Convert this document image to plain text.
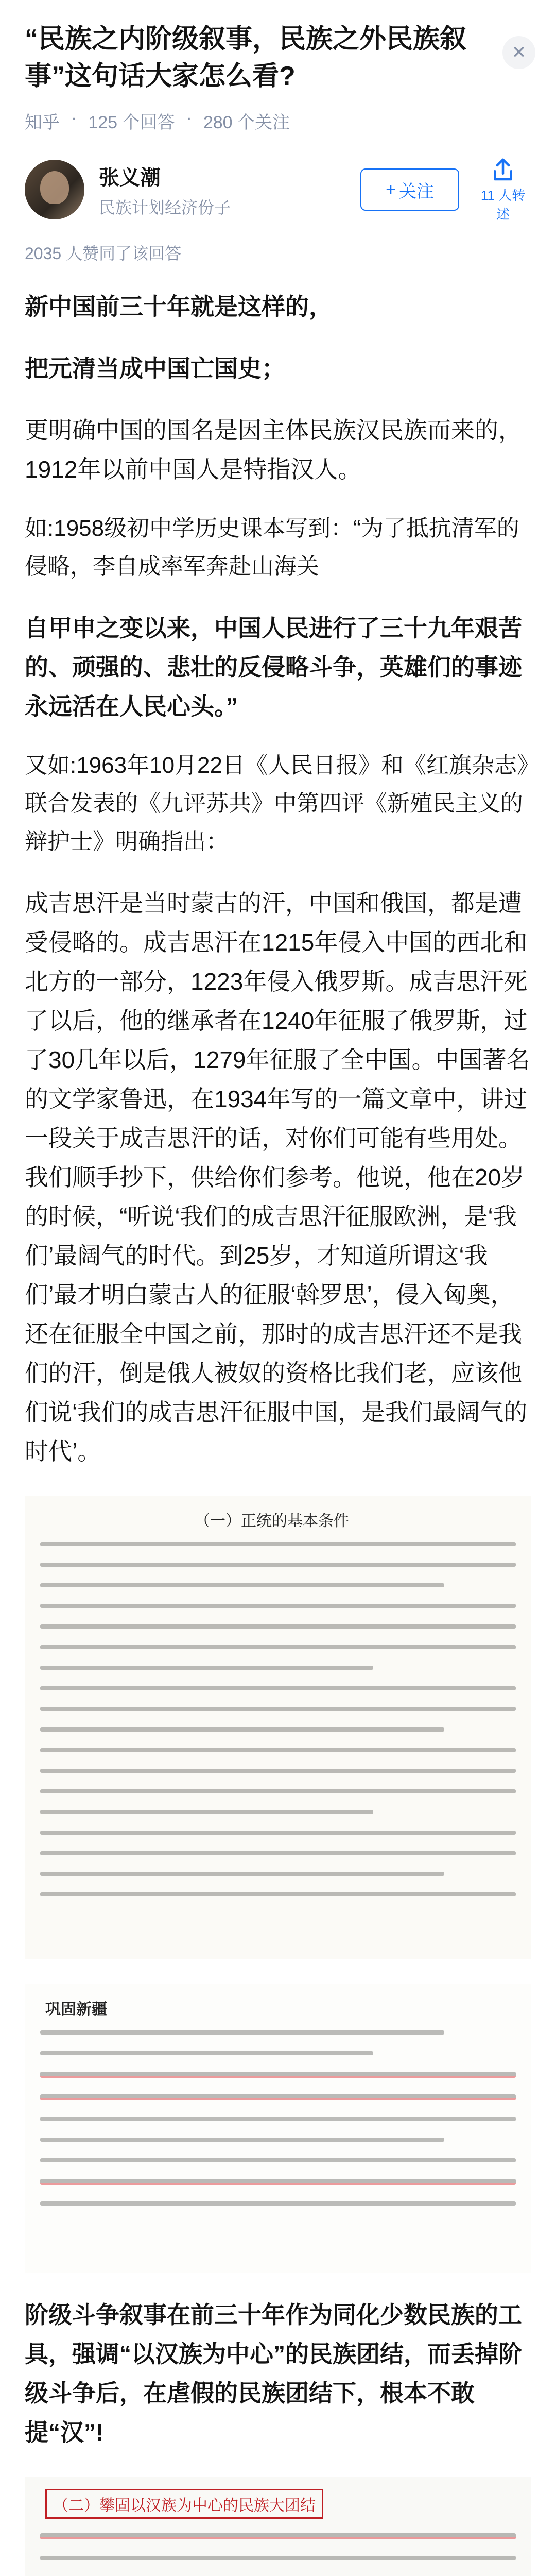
“民族之内阶级叙事，民族之外民族叙事”这句话大家怎么看?
✕
知乎 · 125 个回答 · 280 个关注
张义潮
民族计划经济份子
+ 关注	11 人转述
2035 人赞同了该回答

新中国前三十年就是这样的，

把元清当成中国亡国史；

更明确中国的国名是因主体民族汉民族而来的，1912年以前中国人是特指汉人。

如:1958级初中学历史课本写到：“为了抵抗清军的侵略，李自成率军奔赴山海关

自甲申之变以来，中国人民进行了三十九年艰苦的、顽强的、悲壮的反侵略斗争，英雄们的事迹永远活在人民心头。”

又如:1963年10月22日《人民日报》和《红旗杂志》联合发表的《九评苏共》中第四评《新殖民主义的辩护士》明确指出：

成吉思汗是当时蒙古的汗，中国和俄国，都是遭受侵略的。成吉思汗在1215年侵入中国的西北和北方的一部分，1223年侵入俄罗斯。成吉思汗死了以后，他的继承者在1240年征服了俄罗斯，过了30几年以后，1279年征服了全中国。中国著名的文学家鲁迅，在1934年写的一篇文章中，讲过一段关于成吉思汗的话，对你们可能有些用处。我们顺手抄下，供给你们参考。他说，他在20岁的时候，“听说‘我们的成吉思汗征服欧洲，是‘我们’最阔气的时代。到25岁，才知道所谓这‘我们’最才明白蒙古人的征服‘斡罗思’，侵入匈奥，还在征服全中国之前，那时的成吉思汗还不是我们的汗，倒是俄人被奴的资格比我们老，应该他们说‘我们的成吉思汗征服中国，是我们最阔气的时代’。

（一）正统的基本条件
巩固新疆

阶级斗争叙事在前三十年作为同化少数民族的工具，强调“以汉族为中心”的民族团结，而丢掉阶级斗争后，在虐假的民族团结下，根本不敢提“汉”!

（二）攀固以汉族为中心的民族大团结
